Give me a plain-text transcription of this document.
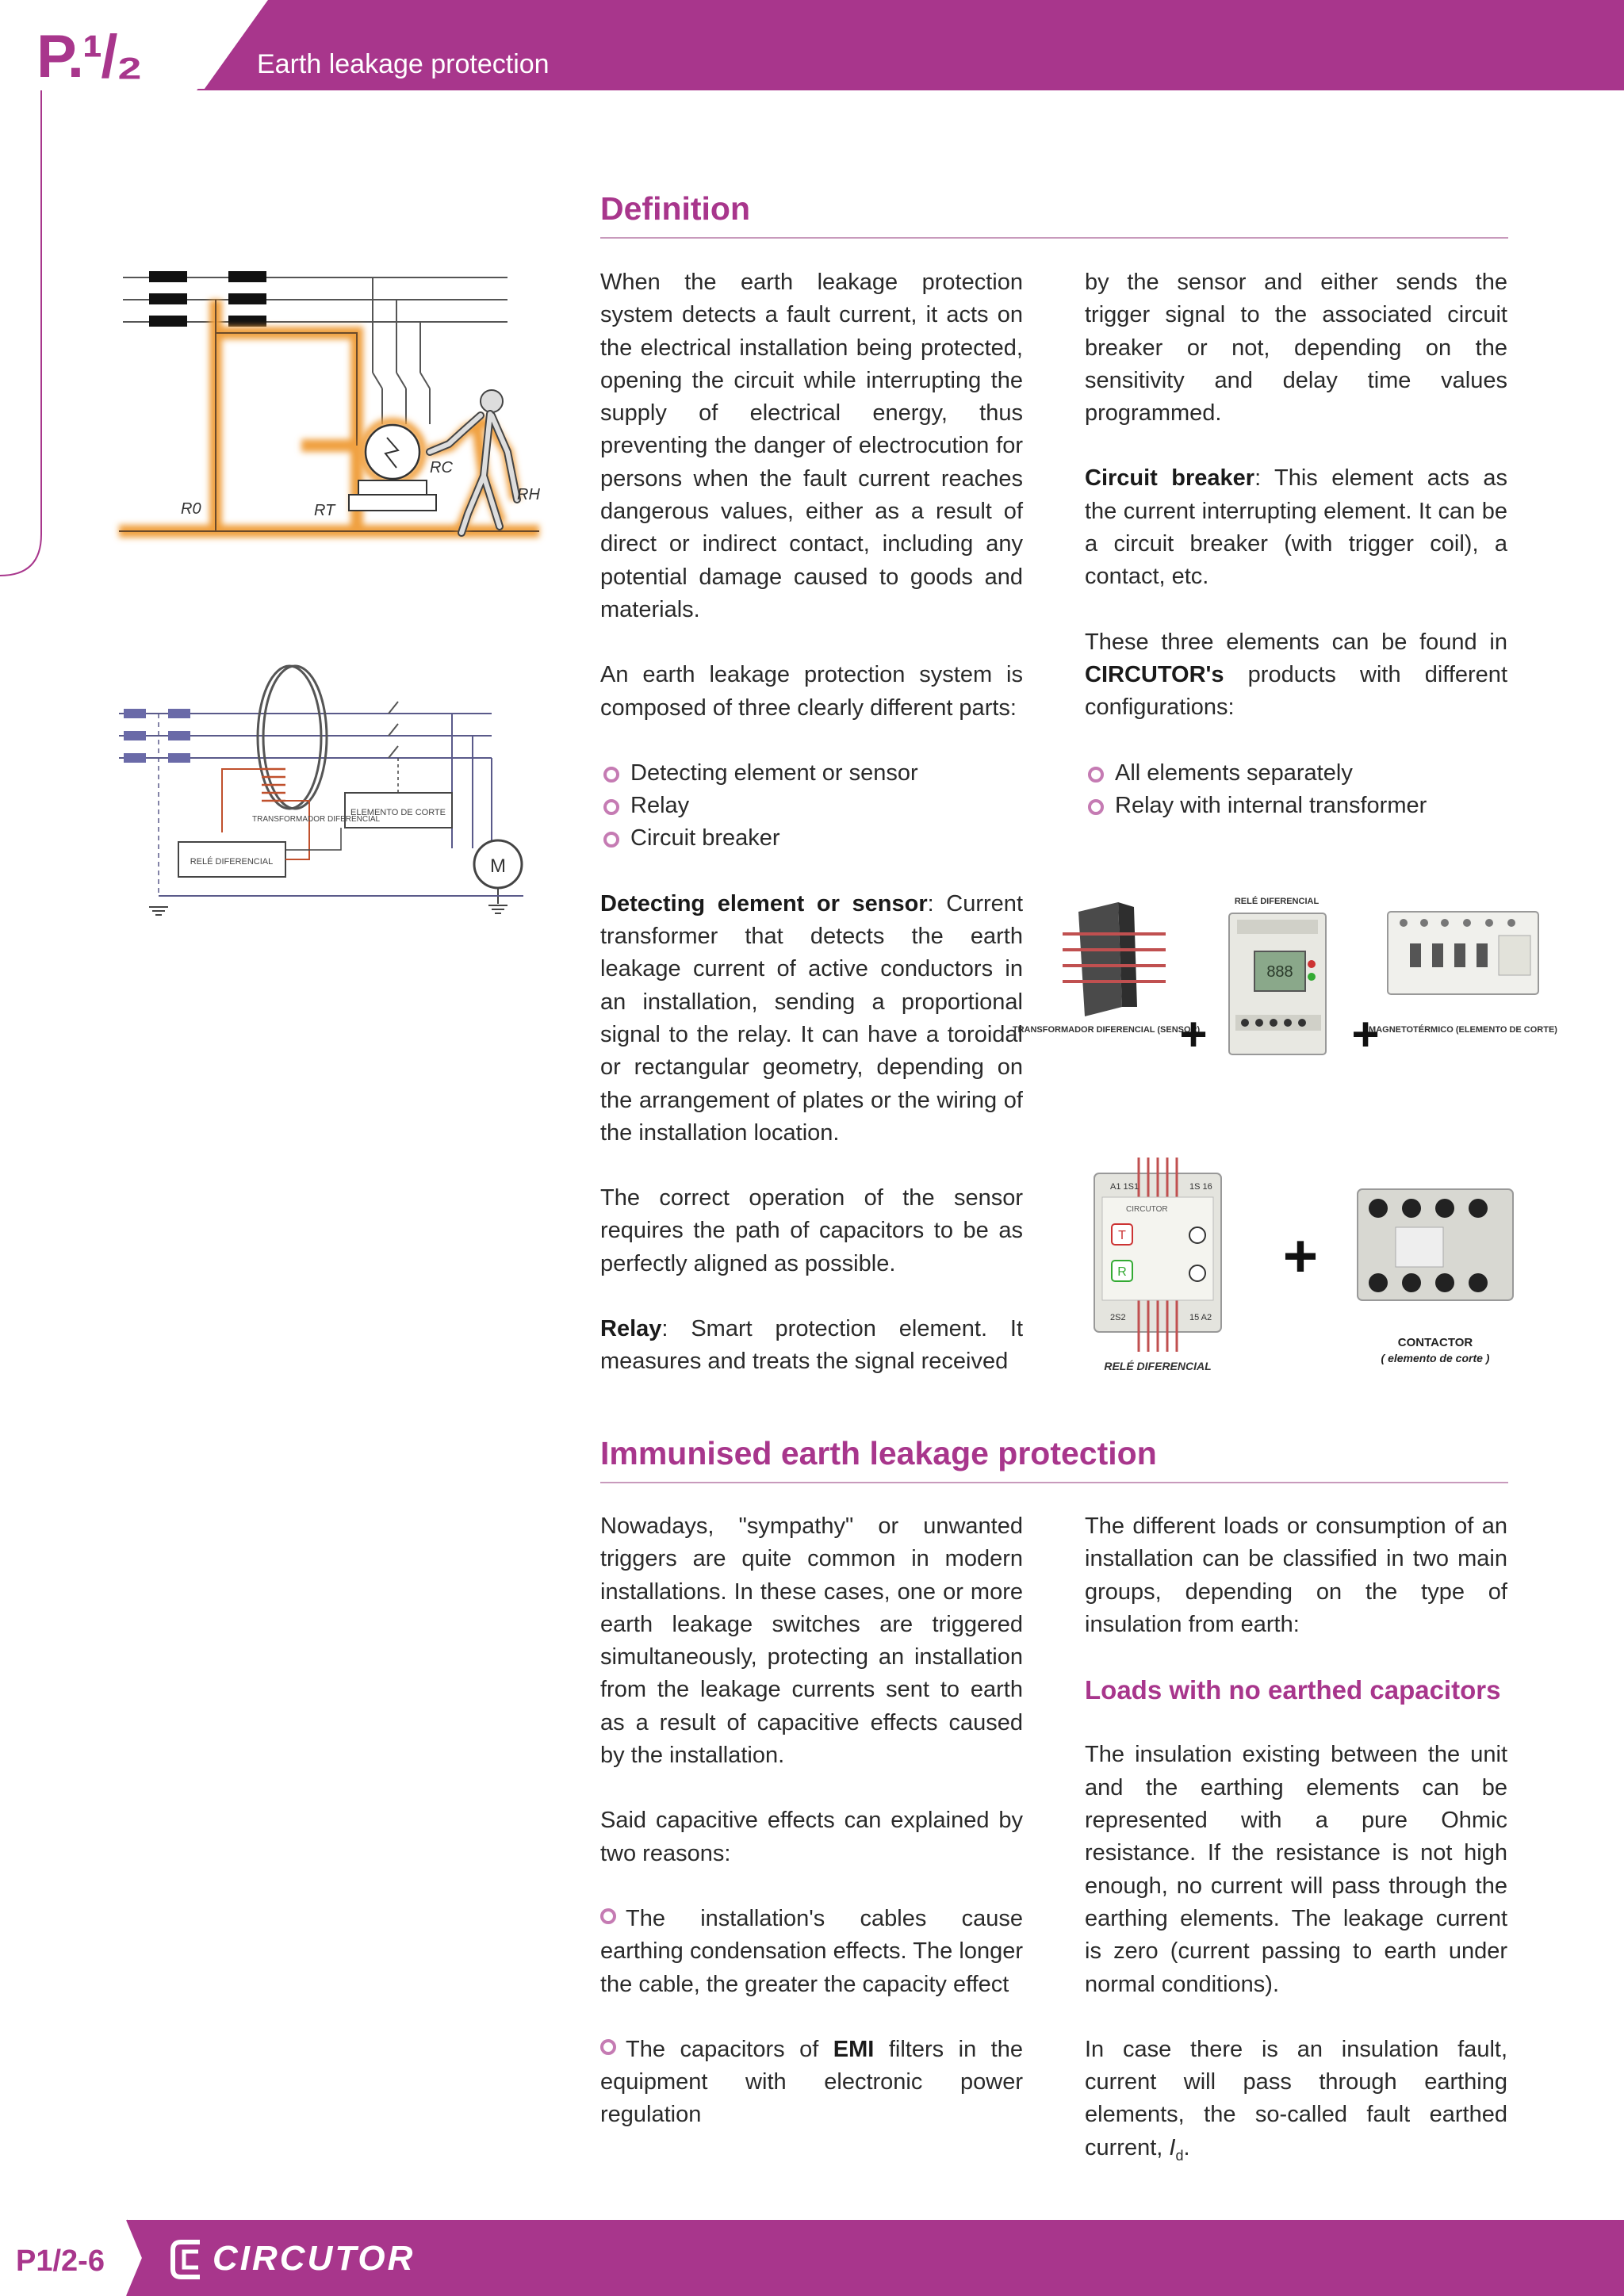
P.¹/₂	Earth leakage protection
Definition

When the earth leakage protection system detects a fault current, it acts on the electrical installation being protected, opening the circuit while interrupting the supply of electrical energy, thus preventing the danger of electrocution for persons when the fault current reaches dangerous values, either as a result of direct or indirect contact, including any potential damage caused to goods and materials.

An earth leakage protection system is composed of three clearly different parts:

Detecting element or sensor
Relay
Circuit breaker

Detecting element or sensor: Current transformer that detects the earth leakage current of active conductors in an installation, sending a proportional signal to the relay. It can have a toroidal or rectangular geometry, depending on the arrangement of plates or the wiring of the installation location.

The correct operation of the sensor requires the path of capacitors to be as perfectly aligned as possible.

Relay: Smart protection element. It measures and treats the signal received

by the sensor and either sends the trigger signal to the associated circuit breaker or not, depending on the sensitivity and delay time values programmed.

Circuit breaker: This element acts as the current interrupting element. It can be a circuit breaker (with trigger coil), a contact, etc.

These three elements can be found in CIRCUTOR's products with different configurations:

All elements separately
Relay with internal transformer
R0	RT
RC
RH
M
ELEMENTO DE CORTE
RELÉ DIFERENCIAL
TRANSFORMADOR DIFERENCIAL
TRANSFORMADOR DIFERENCIAL (SENSOR)
+
RELÉ DIFERENCIAL
888
+
MAGNETOTÉRMICO (ELEMENTO DE CORTE)
A1 1S1	1S 16
CIRCUTOR
T
R
2S2	15 A2
RELÉ DIFERENCIAL
+
CONTACTOR
( elemento de corte )
Immunised earth leakage protection

Nowadays, "sympathy" or unwanted triggers are quite common in modern installations. In these cases, one or more earth leakage switches are triggered simultaneously, protecting an installation from the leakage currents sent to earth as a result of capacitive effects caused by the installation.

Said capacitive effects can explained by two reasons:

The installation's cables cause earthing condensation effects. The longer the cable, the greater the capacity effect

The capacitors of EMI filters in the equipment with electronic power regulation

The different loads or consumption of an installation can be classified in two main groups, depending on the type of insulation from earth:

Loads with no earthed capacitors

The insulation existing between the unit and the earthing elements can be represented with a pure Ohmic resistance. If the resistance is not high enough, no current will pass through the earthing elements. The leakage current is zero (current passing to earth under normal conditions).

In case there is an insulation fault, current will pass through earthing elements, the so-called fault earthed current, $I_d$.

P1/2-6	CIRCUTOR
